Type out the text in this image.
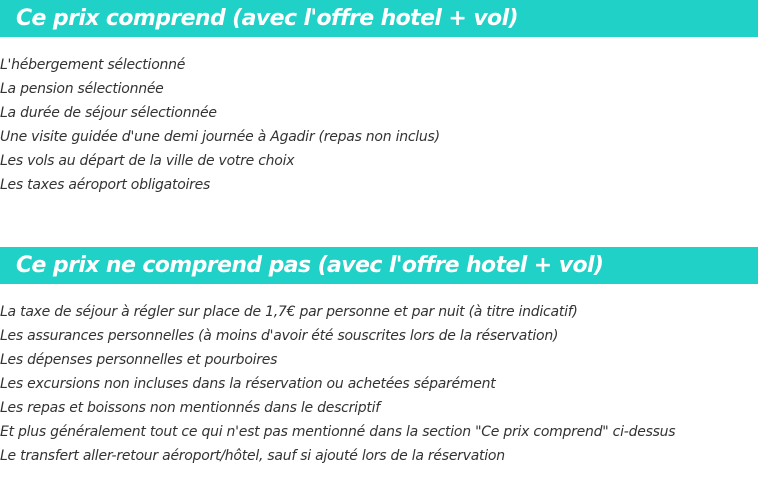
Ce prix comprend (avec l'offre hotel + vol)
L'hébergement sélectionné
La pension sélectionnée
La durée de séjour sélectionnée
Une visite guidée d'une demi journée à Agadir (repas non inclus)
Les vols au départ de la ville de votre choix
Les taxes aéroport obligatoires
Ce prix ne comprend pas (avec l'offre hotel + vol)
La taxe de séjour à régler sur place de 1,7€ par personne et par nuit (à titre indicatif)
Les assurances personnelles (à moins d'avoir été souscrites lors de la réservation)
Les dépenses personnelles et pourboires
Les excursions non incluses dans la réservation ou achetées séparément
Les repas et boissons non mentionnés dans le descriptif
Et plus généralement tout ce qui n'est pas mentionné dans la section "Ce prix comprend" ci-dessus
Le transfert aller-retour aéroport/hôtel, sauf si ajouté lors de la réservation
